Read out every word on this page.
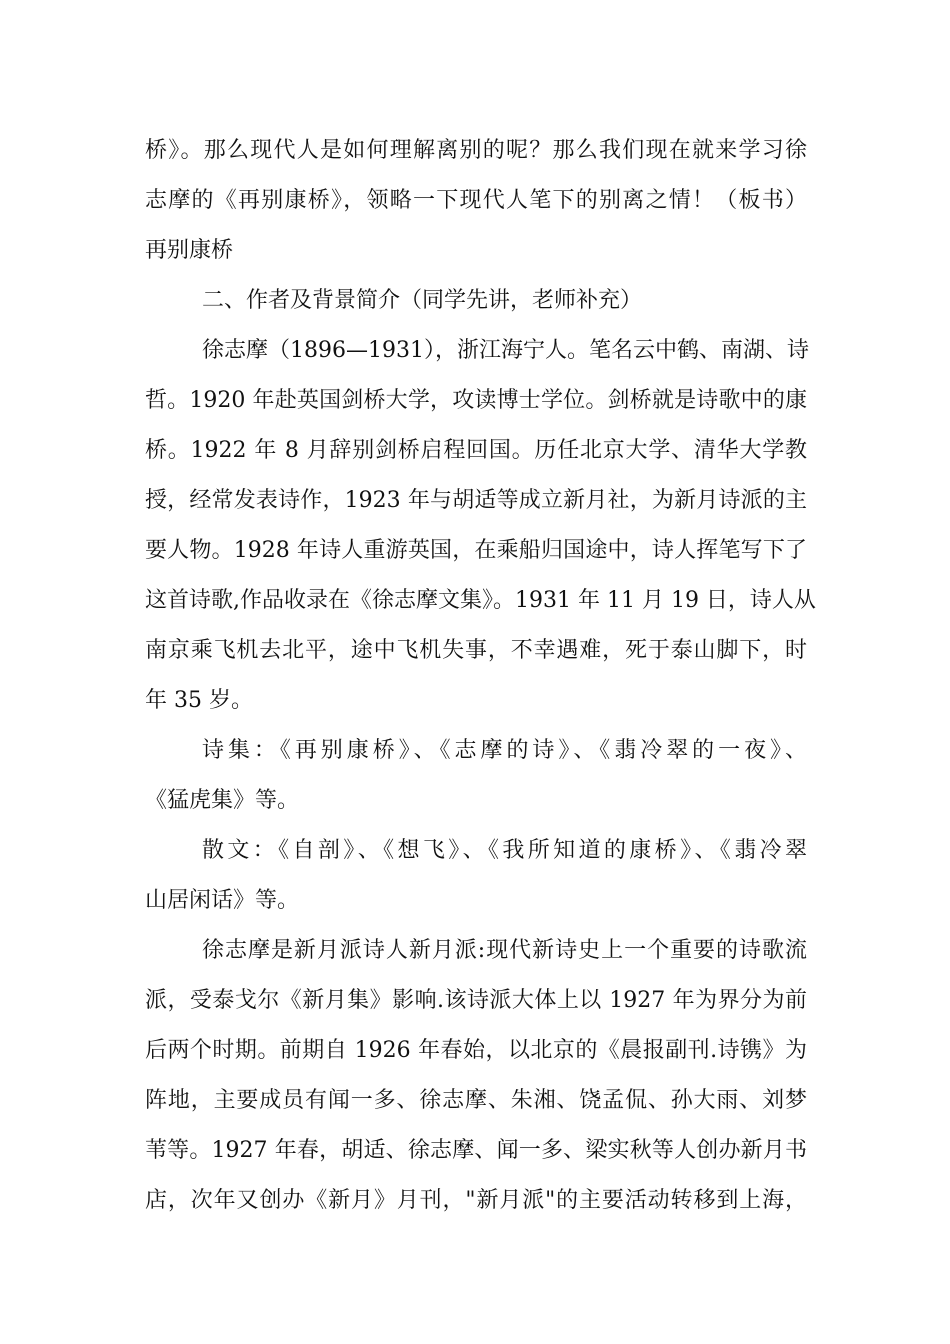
桥》。那么现代人是如何理解离别的呢？那么我们现在就来学习徐
志摩的《再别康桥》，领略一下现代人笔下的别离之情！（板书）
再别康桥
二、作者及背景简介（同学先讲，老师补充）
徐志摩（1896—1931），浙江海宁人。笔名云中鹤、南湖、诗
哲。1920 年赴英国剑桥大学，攻读博士学位。剑桥就是诗歌中的康
桥。1922 年 8 月辞别剑桥启程回国。历任北京大学、清华大学教
授，经常发表诗作，1923 年与胡适等成立新月社，为新月诗派的主
要人物。1928 年诗人重游英国，在乘船归国途中，诗人挥笔写下了
这首诗歌,作品收录在《徐志摩文集》。1931 年 11 月 19 日，诗人从
南京乘飞机去北平，途中飞机失事，不幸遇难，死于泰山脚下，时
年 35 岁。
诗集：《再别康桥》、《志摩的诗》、《翡冷翠的一夜》、
《猛虎集》等。
散文：《自剖》、《想飞》、《我所知道的康桥》、《翡冷翠
山居闲话》等。
徐志摩是新月派诗人新月派:现代新诗史上一个重要的诗歌流
派，受泰戈尔《新月集》影响.该诗派大体上以 1927 年为界分为前
后两个时期。前期自 1926 年春始，以北京的《晨报副刊.诗镌》为
阵地，主要成员有闻一多、徐志摩、朱湘、饶孟侃、孙大雨、刘梦
苇等。1927 年春，胡适、徐志摩、闻一多、梁实秋等人创办新月书
店，次年又创办《新月》月刊，"新月派"的主要活动转移到上海，
